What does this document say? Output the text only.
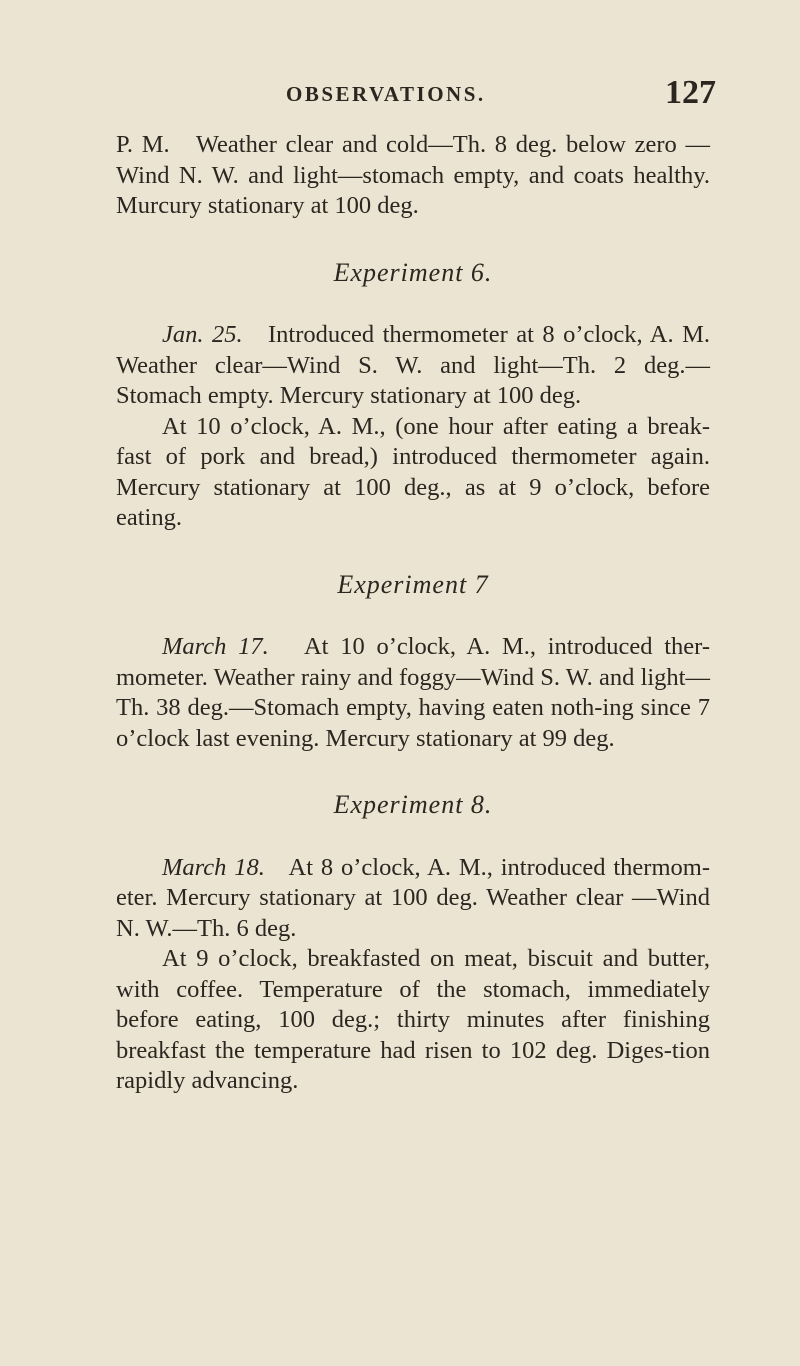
OBSERVATIONS.	127

P. M. Weather clear and cold—Th. 8 deg. below zero —Wind N. W. and light—stomach empty, and coats healthy. Murcury stationary at 100 deg.

Experiment 6.

Jan. 25. Introduced thermometer at 8 o’clock, A. M. Weather clear—Wind S. W. and light—Th. 2 deg.— Stomach empty. Mercury stationary at 100 deg.

At 10 o’clock, A. M., (one hour after eating a break-fast of pork and bread,) introduced thermometer again. Mercury stationary at 100 deg., as at 9 o’clock, before eating.

Experiment 7

March 17. At 10 o’clock, A. M., introduced ther-mometer. Weather rainy and foggy—Wind S. W. and light—Th. 38 deg.—Stomach empty, having eaten noth-ing since 7 o’clock last evening. Mercury stationary at 99 deg.

Experiment 8.

March 18. At 8 o’clock, A. M., introduced thermom-eter. Mercury stationary at 100 deg. Weather clear —Wind N. W.—Th. 6 deg.

At 9 o’clock, breakfasted on meat, biscuit and butter, with coffee. Temperature of the stomach, immediately before eating, 100 deg.; thirty minutes after finishing breakfast the temperature had risen to 102 deg. Diges-tion rapidly advancing.
